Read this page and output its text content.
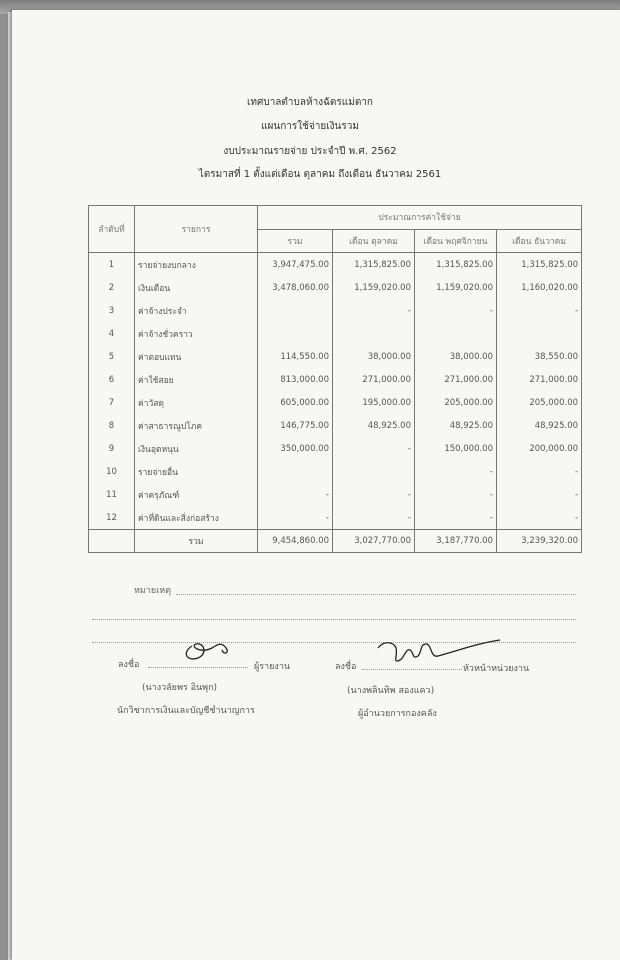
เทศบาลตำบลห้างฉัตรแม่ตาก
แผนการใช้จ่ายเงินรวม
งบประมาณรายจ่าย ประจำปี พ.ศ. 2562
ไตรมาสที่ 1 ตั้งแต่เดือน ตุลาคม ถึงเดือน ธันวาคม 2561
ลำดับที่	รายการ	ประมาณการค่าใช้จ่าย			
		รวม	เดือน ตุลาคม	เดือน พฤศจิกายน	เดือน ธันวาคม
1	รายจ่ายงบกลาง	3,947,475.00	1,315,825.00	1,315,825.00	1,315,825.00
2	เงินเดือน	3,478,060.00	1,159,020.00	1,159,020.00	1,160,020.00
3	ค่าจ้างประจำ		-	-	-
4	ค่าจ้างชั่วคราว				
5	ค่าตอบแทน	114,550.00	38,000.00	38,000.00	38,550.00
6	ค่าใช้สอย	813,000.00	271,000.00	271,000.00	271,000.00
7	ค่าวัสดุ	605,000.00	195,000.00	205,000.00	205,000.00
8	ค่าสาธารณูปโภค	146,775.00	48,925.00	48,925.00	48,925.00
9	เงินอุดหนุน	350,000.00	-	150,000.00	200,000.00
10	รายจ่ายอื่น			-	-
11	ค่าครุภัณฑ์	-	-	-	-
12	ค่าที่ดินและสิ่งก่อสร้าง	-	-	-	-
	รวม	9,454,860.00	3,027,770.00	3,187,770.00	3,239,320.00
หมายเหตุ
ลงชื่อ	ผู้รายงาน
(นางวลัยพร อินพุก)
นักวิชาการเงินและบัญชีชำนาญการ
ลงชื่อ	หัวหน้าหน่วยงาน
(นางพลินทิพ สองแคว)
ผู้อำนวยการกองคลัง
